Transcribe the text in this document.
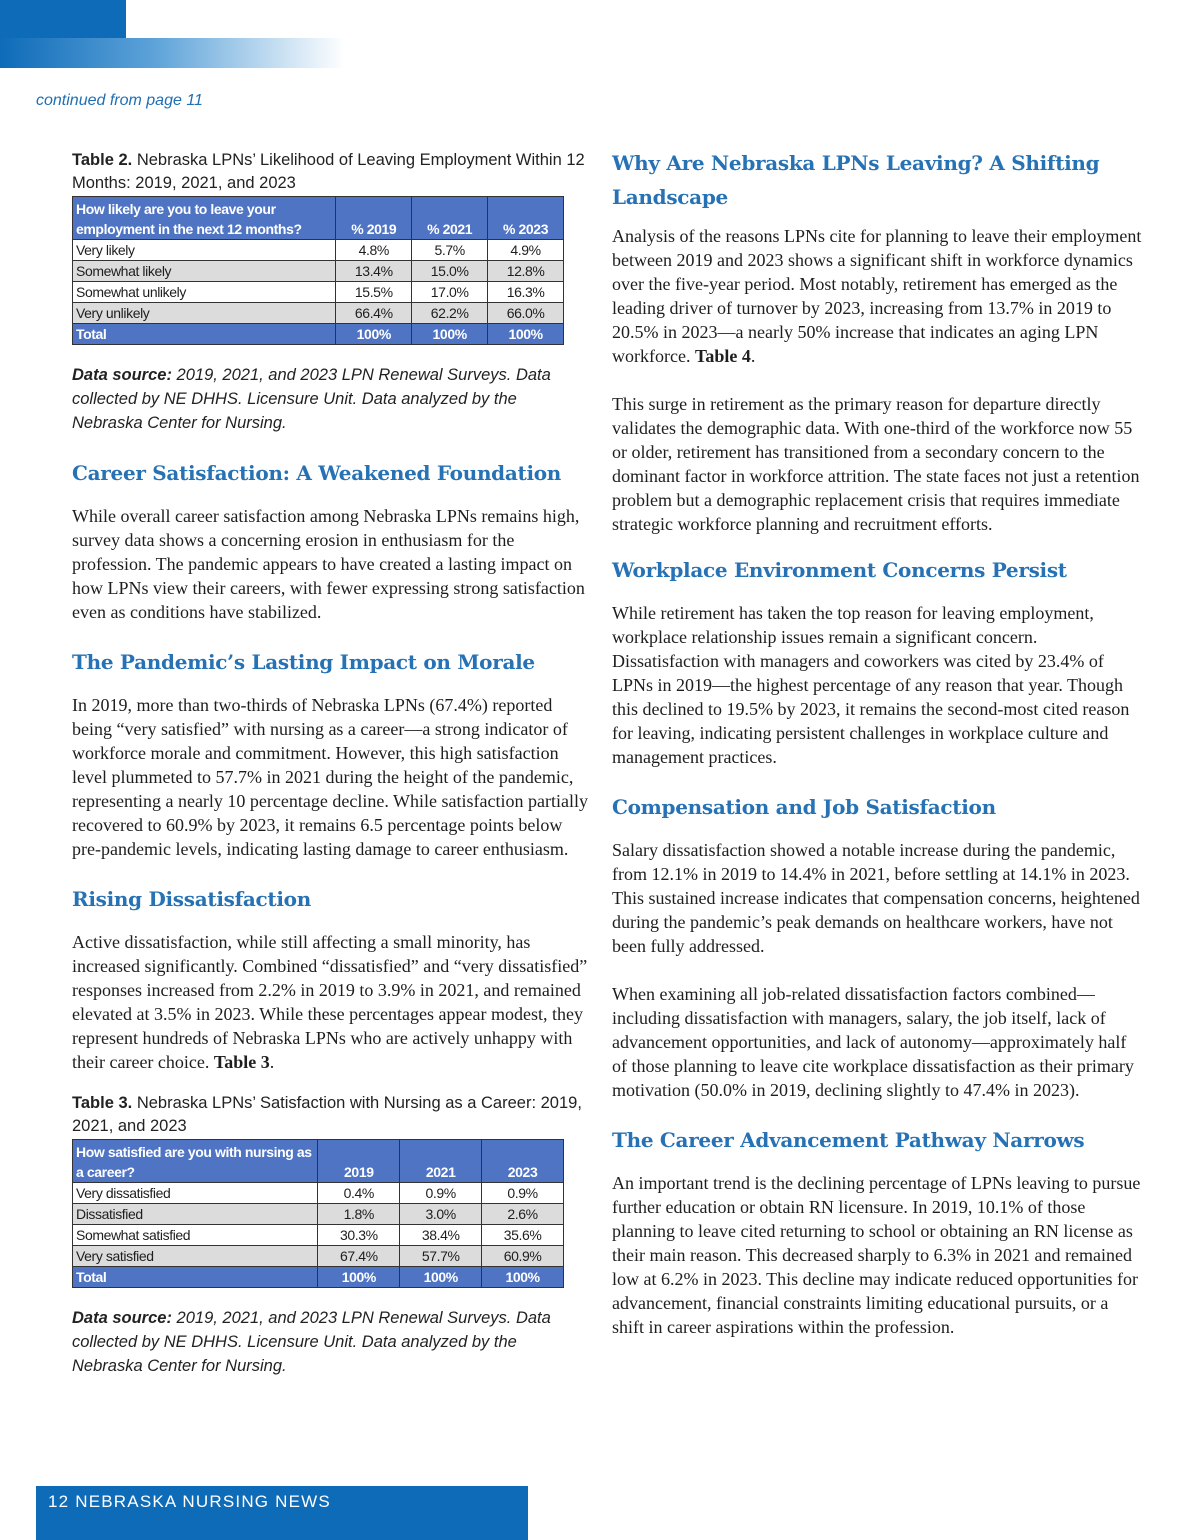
continued from page 11

Table 2. Nebraska LPNs’ Likelihood of Leaving Employment Within 12 Months: 2019, 2021, and 2023

How likely are you to leave your
employment in the next 12 months?	% 2019	% 2021	% 2023
Very likely	4.8%	5.7%	4.9%
Somewhat likely	13.4%	15.0%	12.8%
Somewhat unlikely	15.5%	17.0%	16.3%
Very unlikely	66.4%	62.2%	66.0%
Total	100%	100%	100%

Data source: 2019, 2021, and 2023 LPN Renewal Surveys. Data collected by NE DHHS. Licensure Unit. Data analyzed by the Nebraska Center for Nursing.

Career Satisfaction: A Weakened Foundation

While overall career satisfaction among Nebraska LPNs remains high, survey data shows a concerning erosion in enthusiasm for the profession. The pandemic appears to have created a lasting impact on how LPNs view their careers, with fewer expressing strong satisfaction even as conditions have stabilized.

The Pandemic’s Lasting Impact on Morale

In 2019, more than two-thirds of Nebraska LPNs (67.4%) reported being “very satisfied” with nursing as a career—a strong indicator of workforce morale and commitment. However, this high satisfaction level plummeted to 57.7% in 2021 during the height of the pandemic, representing a nearly 10 percentage decline. While satisfaction partially recovered to 60.9% by 2023, it remains 6.5 percentage points below pre-pandemic levels, indicating lasting damage to career enthusiasm.

Rising Dissatisfaction

Active dissatisfaction, while still affecting a small minority, has increased significantly. Combined “dissatisfied” and “very dissatisfied” responses increased from 2.2% in 2019 to 3.9% in 2021, and remained elevated at 3.5% in 2023. While these percentages appear modest, they represent hundreds of Nebraska LPNs who are actively unhappy with their career choice. Table 3.

Table 3. Nebraska LPNs’ Satisfaction with Nursing as a Career: 2019, 2021, and 2023

How satisfied are you with nursing as
a career?	2019	2021	2023
Very dissatisfied	0.4%	0.9%	0.9%
Dissatisfied	1.8%	3.0%	2.6%
Somewhat satisfied	30.3%	38.4%	35.6%
Very satisfied	67.4%	57.7%	60.9%
Total	100%	100%	100%

Data source: 2019, 2021, and 2023 LPN Renewal Surveys. Data collected by NE DHHS. Licensure Unit. Data analyzed by the Nebraska Center for Nursing.

Why Are Nebraska LPNs Leaving? A Shifting Landscape

Analysis of the reasons LPNs cite for planning to leave their employment between 2019 and 2023 shows a significant shift in workforce dynamics over the five-year period. Most notably, retirement has emerged as the leading driver of turnover by 2023, increasing from 13.7% in 2019 to 20.5% in 2023—a nearly 50% increase that indicates an aging LPN workforce. Table 4.

This surge in retirement as the primary reason for departure directly validates the demographic data. With one-third of the workforce now 55 or older, retirement has transitioned from a secondary concern to the dominant factor in workforce attrition. The state faces not just a retention problem but a demographic replacement crisis that requires immediate strategic workforce planning and recruitment efforts.

Workplace Environment Concerns Persist

While retirement has taken the top reason for leaving employment, workplace relationship issues remain a significant concern. Dissatisfaction with managers and coworkers was cited by 23.4% of LPNs in 2019—the highest percentage of any reason that year. Though this declined to 19.5% by 2023, it remains the second-most cited reason for leaving, indicating persistent challenges in workplace culture and management practices.

Compensation and Job Satisfaction

Salary dissatisfaction showed a notable increase during the pandemic, from 12.1% in 2019 to 14.4% in 2021, before settling at 14.1% in 2023. This sustained increase indicates that compensation concerns, heightened during the pandemic’s peak demands on healthcare workers, have not been fully addressed.

When examining all job-related dissatisfaction factors combined—including dissatisfaction with managers, salary, the job itself, lack of advancement opportunities, and lack of autonomy—approximately half of those planning to leave cite workplace dissatisfaction as their primary motivation (50.0% in 2019, declining slightly to 47.4% in 2023).

The Career Advancement Pathway Narrows

An important trend is the declining percentage of LPNs leaving to pursue further education or obtain RN licensure. In 2019, 10.1% of those planning to leave cited returning to school or obtaining an RN license as their main reason. This decreased sharply to 6.3% in 2021 and remained low at 6.2% in 2023. This decline may indicate reduced opportunities for advancement, financial constraints limiting educational pursuits, or a shift in career aspirations within the profession.

12 NEBRASKA NURSING NEWS
